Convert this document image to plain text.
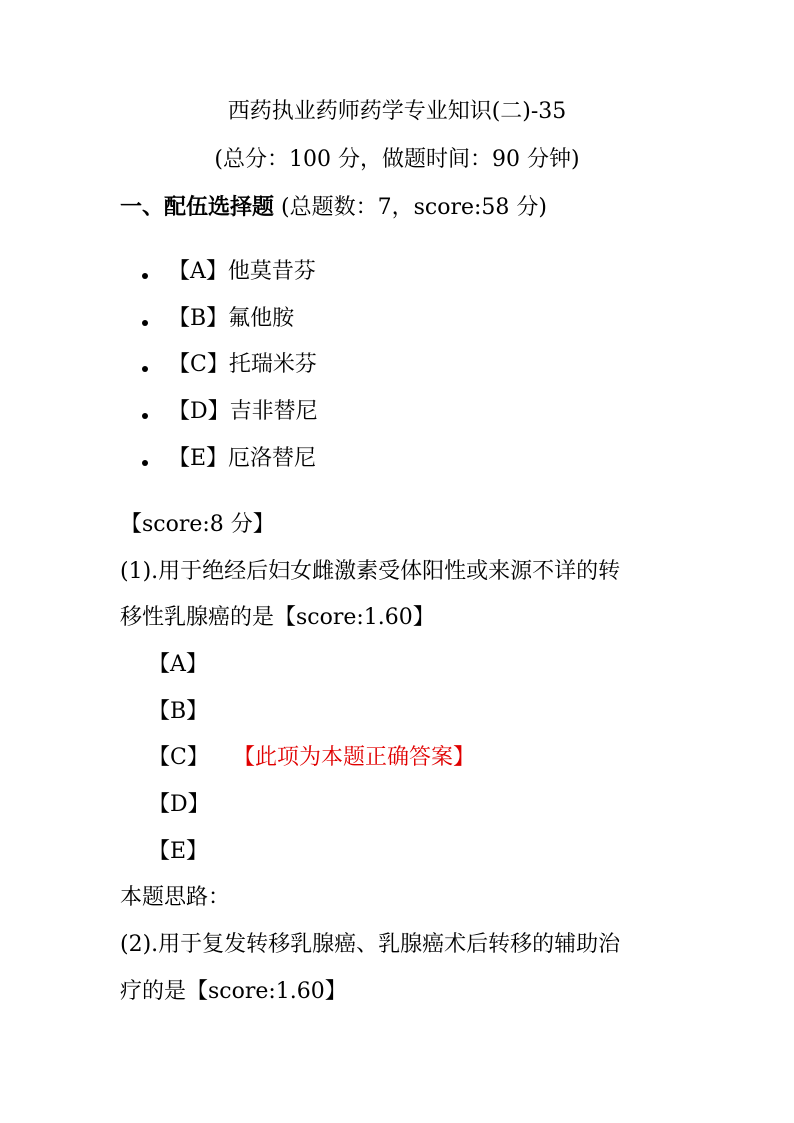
西药执业药师药学专业知识(二)-35
(总分：100 分，做题时间：90 分钟)
一、配伍选择题 (总题数：7，score:58 分)
【A】他莫昔芬
【B】氟他胺
【C】托瑞米芬
【D】吉非替尼
【E】厄洛替尼
【score:8 分】
(1).用于绝经后妇女雌激素受体阳性或来源不详的转
移性乳腺癌的是【score:1.60】
【A】
【B】
【C】 【此项为本题正确答案】
【D】
【E】
本题思路：
(2).用于复发转移乳腺癌、乳腺癌术后转移的辅助治
疗的是【score:1.60】
